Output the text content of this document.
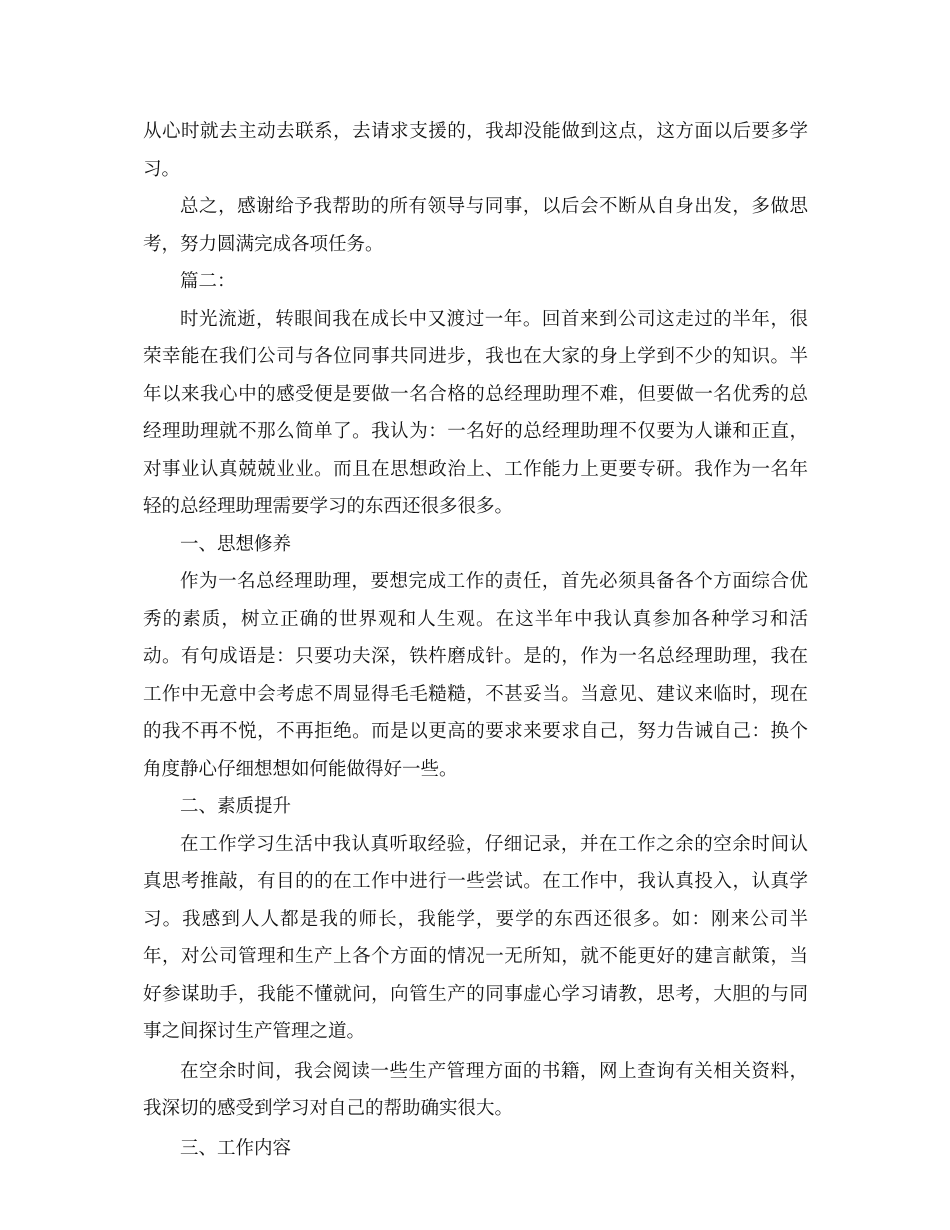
从心时就去主动去联系，去请求支援的，我却没能做到这点，这方面以后要多学习。

总之，感谢给予我帮助的所有领导与同事，以后会不断从自身出发，多做思考，努力圆满完成各项任务。

篇二：

时光流逝，转眼间我在成长中又渡过一年。回首来到公司这走过的半年，很荣幸能在我们公司与各位同事共同进步，我也在大家的身上学到不少的知识。半年以来我心中的感受便是要做一名合格的总经理助理不难，但要做一名优秀的总经理助理就不那么简单了。我认为：一名好的总经理助理不仅要为人谦和正直，对事业认真兢兢业业。而且在思想政治上、工作能力上更要专研。我作为一名年轻的总经理助理需要学习的东西还很多很多。

一、思想修养

作为一名总经理助理，要想完成工作的责任，首先必须具备各个方面综合优秀的素质，树立正确的世界观和人生观。在这半年中我认真参加各种学习和活动。有句成语是：只要功夫深，铁杵磨成针。是的，作为一名总经理助理，我在工作中无意中会考虑不周显得毛毛糙糙，不甚妥当。当意见、建议来临时，现在的我不再不悦，不再拒绝。而是以更高的要求来要求自己，努力告诫自己：换个角度静心仔细想想如何能做得好一些。

二、素质提升

在工作学习生活中我认真听取经验，仔细记录，并在工作之余的空余时间认真思考推敲，有目的的在工作中进行一些尝试。在工作中，我认真投入，认真学习。我感到人人都是我的师长，我能学，要学的东西还很多。如：刚来公司半年，对公司管理和生产上各个方面的情况一无所知，就不能更好的建言献策，当好参谋助手，我能不懂就问，向管生产的同事虚心学习请教，思考，大胆的与同事之间探讨生产管理之道。

在空余时间，我会阅读一些生产管理方面的书籍，网上查询有关相关资料，我深切的感受到学习对自己的帮助确实很大。

三、工作内容
